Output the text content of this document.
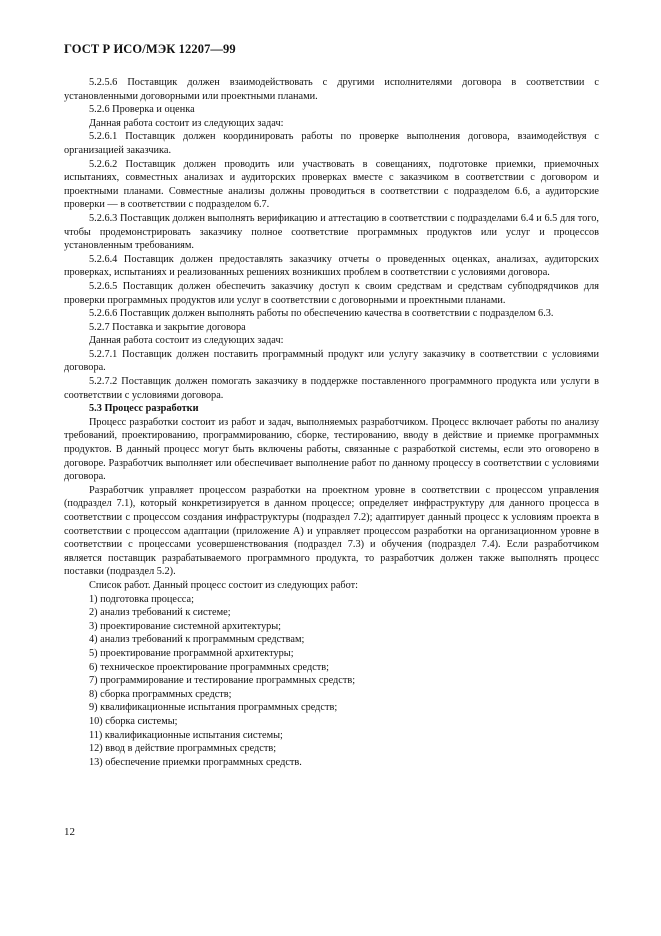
ГОСТ Р ИСО/МЭК 12207—99

5.2.5.6 Поставщик должен взаимодействовать с другими исполнителями договора в соответствии с установленными договорными или проектными планами.

5.2.6 Проверка и оценка

Данная работа состоит из следующих задач:

5.2.6.1 Поставщик должен координировать работы по проверке выполнения договора, взаимодействуя с организацией заказчика.

5.2.6.2 Поставщик должен проводить или участвовать в совещаниях, подготовке приемки, приемочных испытаниях, совместных анализах и аудиторских проверках вместе с заказчиком в соответствии с договором и проектными планами. Совместные анализы должны проводиться в соответствии с подразделом 6.6, а аудиторские проверки — в соответствии с подразделом 6.7.

5.2.6.3 Поставщик должен выполнять верификацию и аттестацию в соответствии с подразделами 6.4 и 6.5 для того, чтобы продемонстрировать заказчику полное соответствие программных продуктов или услуг и процессов установленным требованиям.

5.2.6.4 Поставщик должен предоставлять заказчику отчеты о проведенных оценках, анализах, аудиторских проверках, испытаниях и реализованных решениях возникших проблем в соответствии с условиями договора.

5.2.6.5 Поставщик должен обеспечить заказчику доступ к своим средствам и средствам субподрядчиков для проверки программных продуктов или услуг в соответствии с договорными и проектными планами.

5.2.6.6 Поставщик должен выполнять работы по обеспечению качества в соответствии с подразделом 6.3.

5.2.7 Поставка и закрытие договора

Данная работа состоит из следующих задач:

5.2.7.1 Поставщик должен поставить программный продукт или услугу заказчику в соответствии с условиями договора.

5.2.7.2 Поставщик должен помогать заказчику в поддержке поставленного программного продукта или услуги в соответствии с условиями договора.

5.3 Процесс разработки

Процесс разработки состоит из работ и задач, выполняемых разработчиком. Процесс включает работы по анализу требований, проектированию, программированию, сборке, тестированию, вводу в действие и приемке программных продуктов. В данный процесс могут быть включены работы, связанные с разработкой системы, если это оговорено в договоре. Разработчик выполняет или обеспечивает выполнение работ по данному процессу в соответствии с условиями договора.

Разработчик управляет процессом разработки на проектном уровне в соответствии с процессом управления (подраздел 7.1), который конкретизируется в данном процессе; определяет инфраструктуру для данного процесса в соответствии с процессом создания инфраструктуры (подраздел 7.2); адаптирует данный процесс к условиям проекта в соответствии с процессом адаптации (приложение А) и управляет процессом разработки на организационном уровне в соответствии с процессами усовершенствования (подраздел 7.3) и обучения (подраздел 7.4). Если разработчиком является поставщик разрабатываемого программного продукта, то разработчик должен также выполнять процесс поставки (подраздел 5.2).

Список работ. Данный процесс состоит из следующих работ:

1) подготовка процесса;

2) анализ требований к системе;

3) проектирование системной архитектуры;

4) анализ требований к программным средствам;

5) проектирование программной архитектуры;

6) техническое проектирование программных средств;

7) программирование и тестирование программных средств;

8) сборка программных средств;

9) квалификационные испытания программных средств;

10) сборка системы;

11) квалификационные испытания системы;

12) ввод в действие программных средств;

13) обеспечение приемки программных средств.

12
